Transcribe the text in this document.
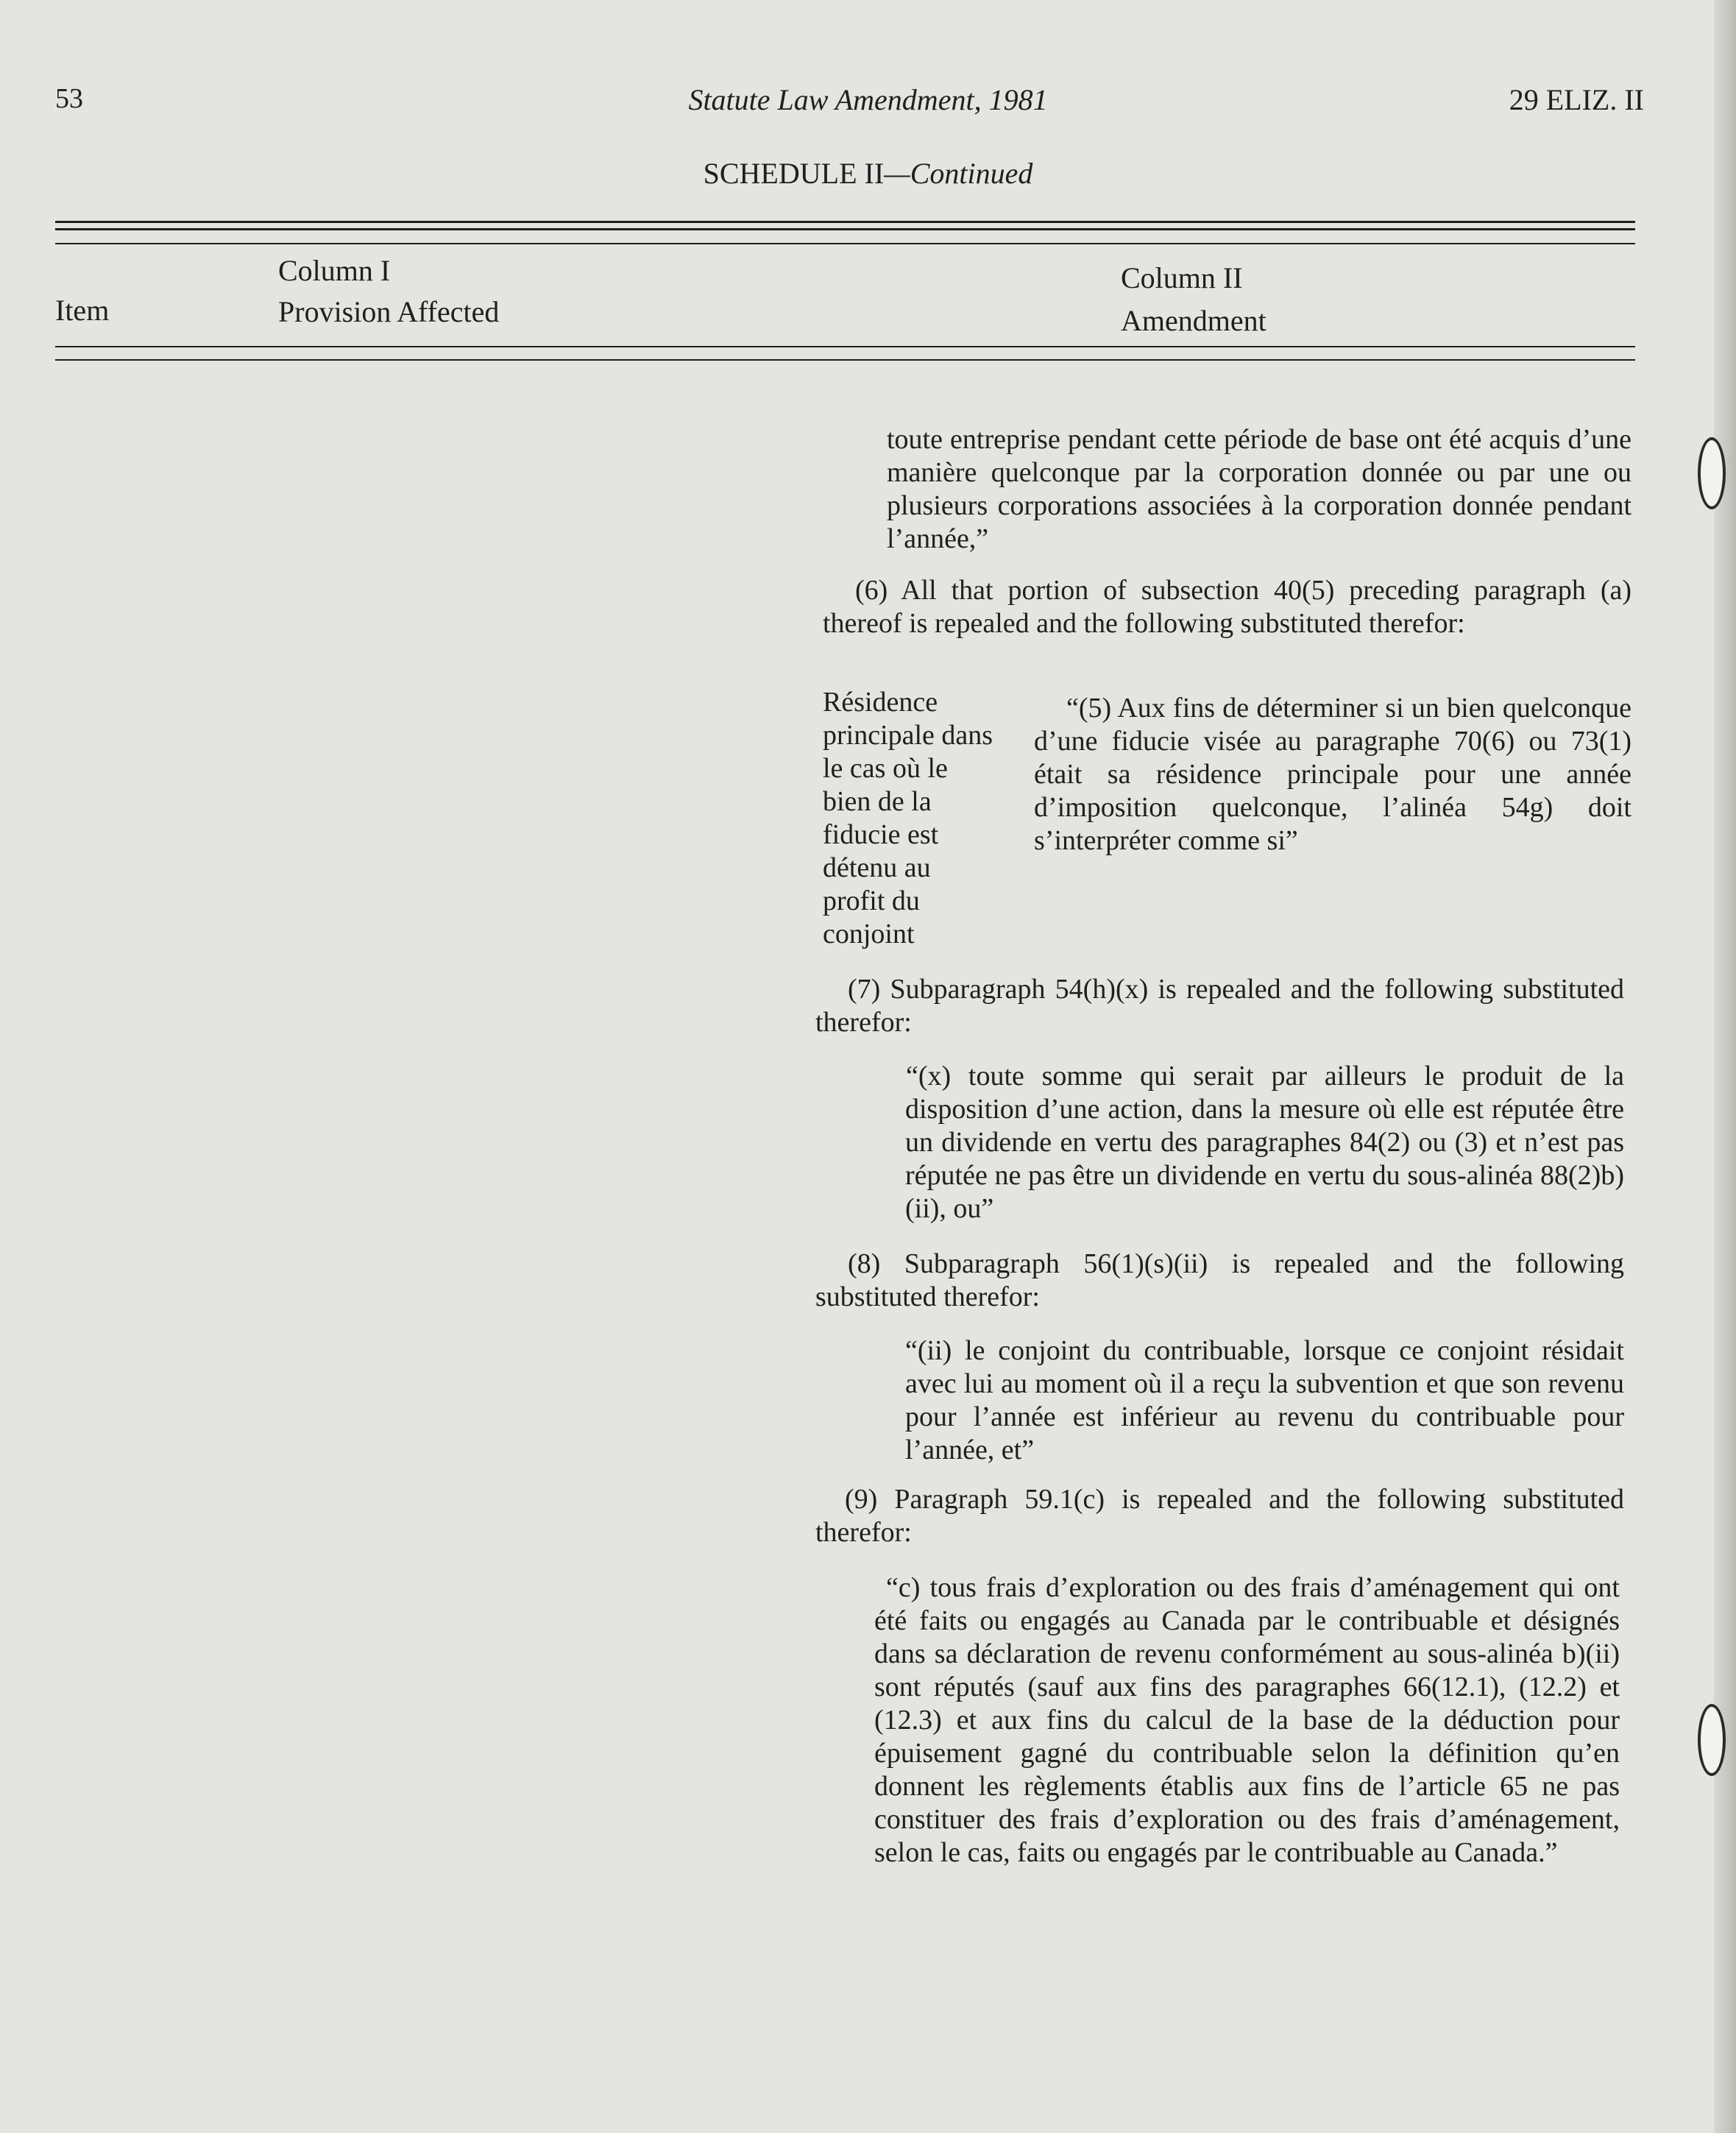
53	Statute Law Amendment, 1981	29 ELIZ. II
SCHEDULE II—Continued
Item
Column I
Provision Affected
Column II
Amendment
toute entreprise pendant cette période de base ont été acquis d’une manière quelconque par la corporation donnée ou par une ou plusieurs corporations associées à la corporation donnée pendant l’année,”
(6) All that portion of subsection 40(5) preceding paragraph (a) thereof is repealed and the following substituted therefor:
Résidence principale dans le cas où le bien de la fiducie est détenu au profit du conjoint
“(5) Aux fins de déterminer si un bien quelconque d’une fiducie visée au paragraphe 70(6) ou 73(1) était sa résidence principale pour une année d’imposition quelconque, l’alinéa 54g) doit s’interpréter comme si”
(7) Subparagraph 54(h)(x) is repealed and the following substituted therefor:
“(x) toute somme qui serait par ailleurs le produit de la disposition d’une action, dans la mesure où elle est réputée être un dividende en vertu des paragraphes 84(2) ou (3) et n’est pas réputée ne pas être un dividende en vertu du sous-alinéa 88(2)b)(ii), ou”
(8) Subparagraph 56(1)(s)(ii) is repealed and the following substituted therefor:
“(ii) le conjoint du contribuable, lorsque ce conjoint résidait avec lui au moment où il a reçu la subvention et que son revenu pour l’année est inférieur au revenu du contribuable pour l’année, et”
(9) Paragraph 59.1(c) is repealed and the following substituted therefor:
“c) tous frais d’exploration ou des frais d’aménagement qui ont été faits ou engagés au Canada par le contribuable et désignés dans sa déclaration de revenu conformément au sous-alinéa b)(ii) sont réputés (sauf aux fins des paragraphes 66(12.1), (12.2) et (12.3) et aux fins du calcul de la base de la déduction pour épuisement gagné du contribuable selon la définition qu’en donnent les règlements établis aux fins de l’article 65 ne pas constituer des frais d’exploration ou des frais d’aménagement, selon le cas, faits ou engagés par le contribuable au Canada.”
